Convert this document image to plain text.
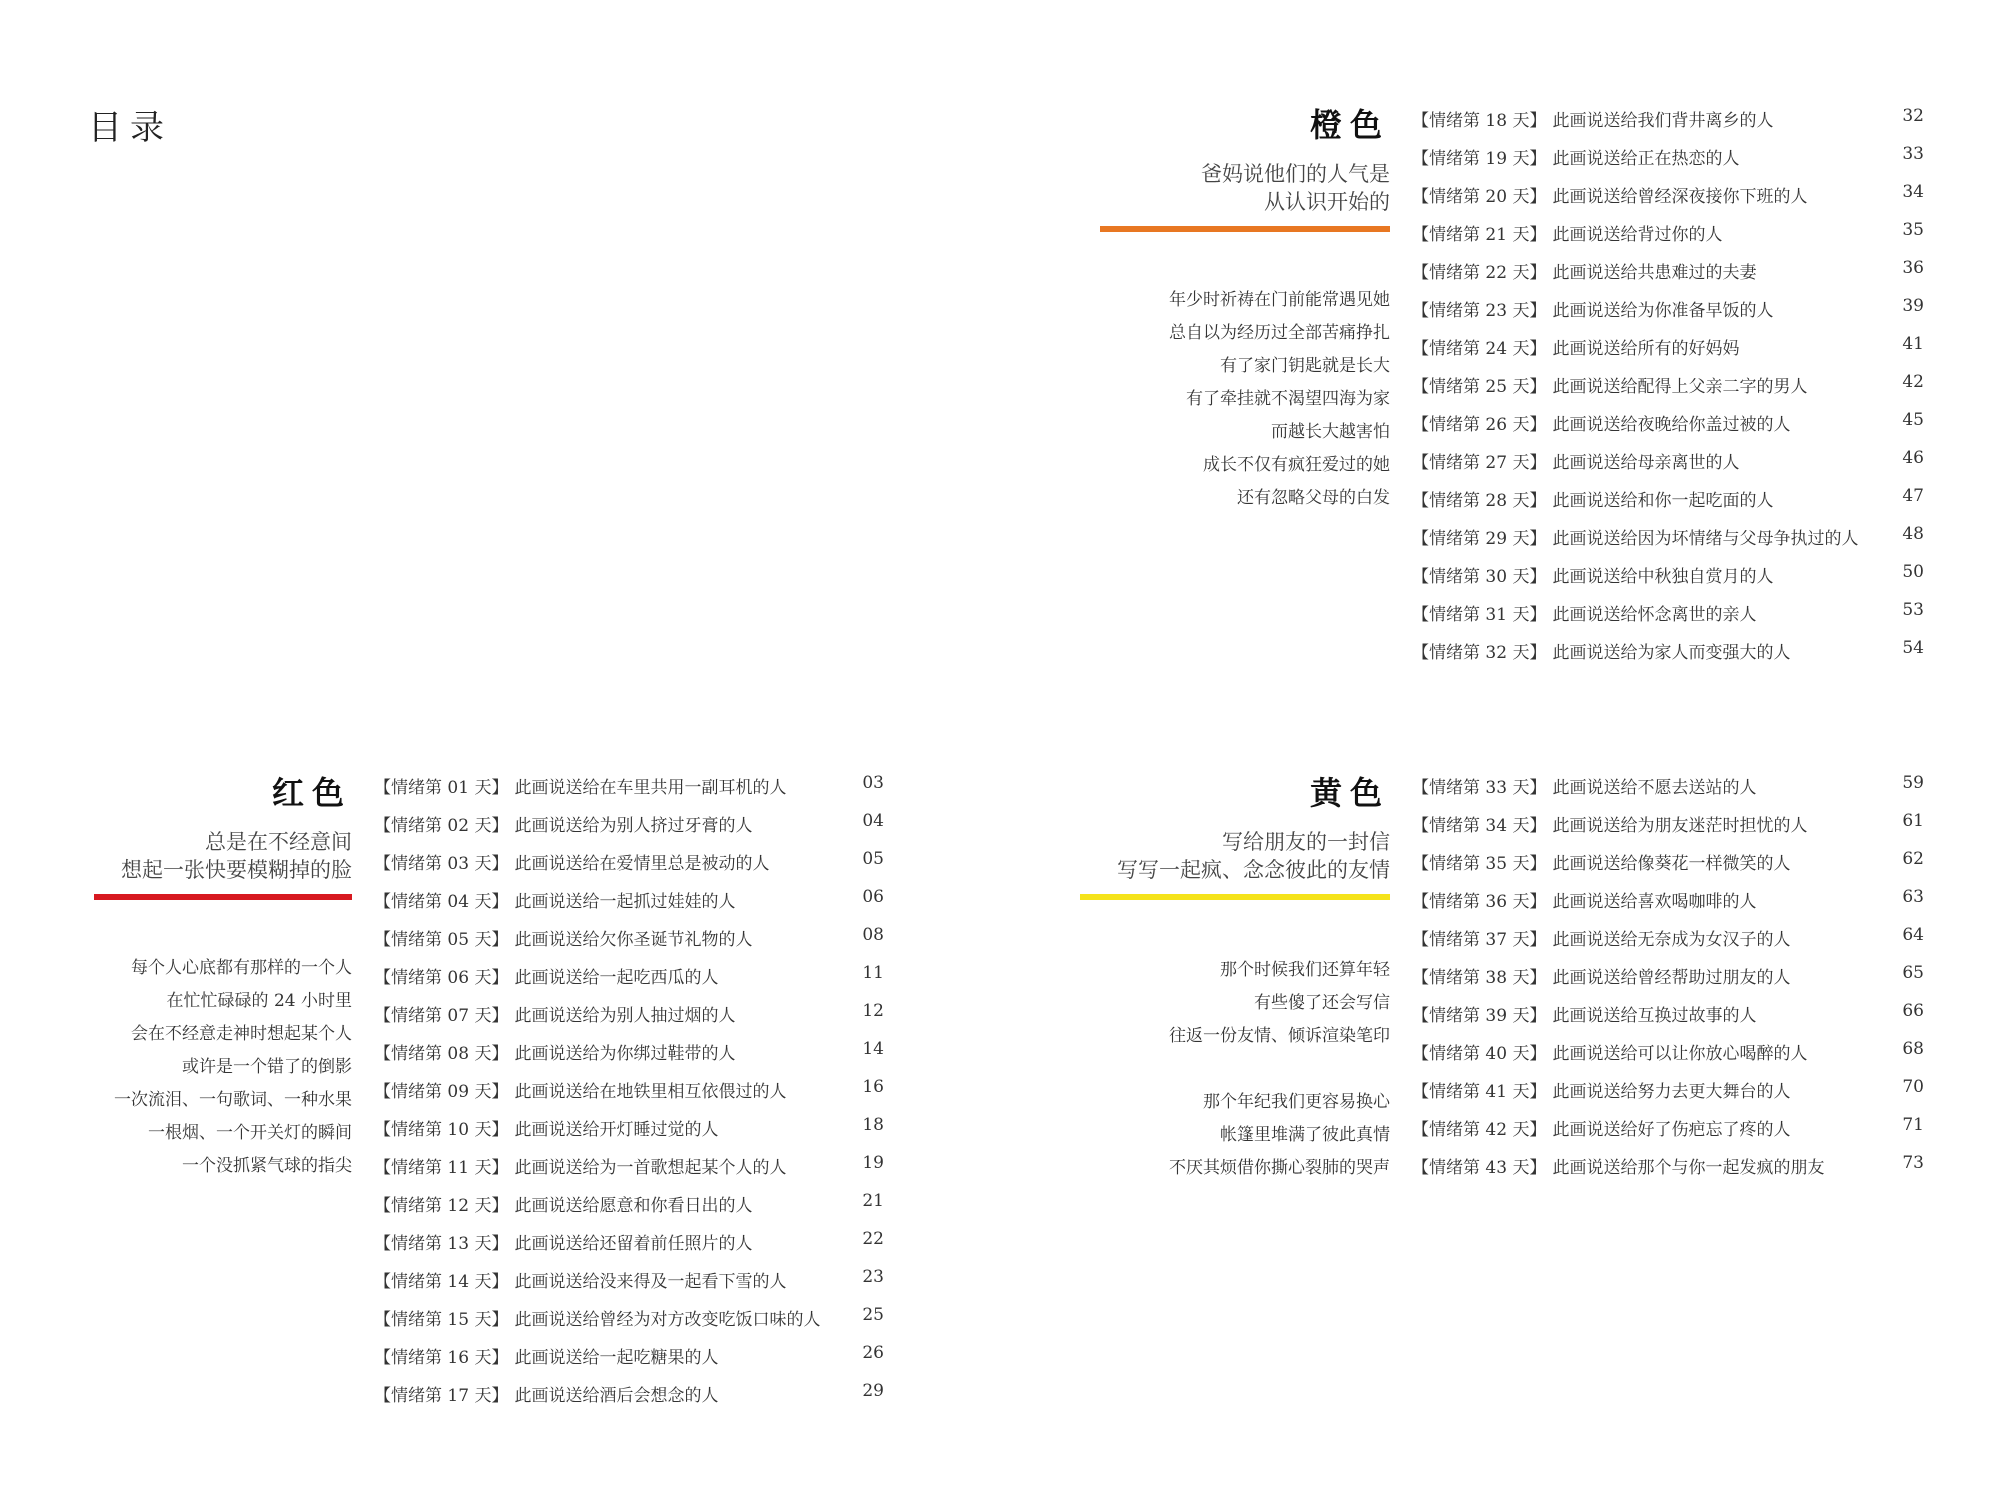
目录	橙色
爸妈说他们的人气是
从认识开始的
年少时祈祷在门前能常遇见她
总自以为经历过全部苦痛挣扎
有了家门钥匙就是长大
有了牵挂就不渴望四海为家
而越长大越害怕
成长不仅有疯狂爱过的她
还有忽略父母的白发
【情绪第 18 天】 此画说送给我们背井离乡的人	32
【情绪第 19 天】 此画说送给正在热恋的人	33
【情绪第 20 天】 此画说送给曾经深夜接你下班的人	34
【情绪第 21 天】 此画说送给背过你的人	35
【情绪第 22 天】 此画说送给共患难过的夫妻	36
【情绪第 23 天】 此画说送给为你准备早饭的人	39
【情绪第 24 天】 此画说送给所有的好妈妈	41
【情绪第 25 天】 此画说送给配得上父亲二字的男人	42
【情绪第 26 天】 此画说送给夜晚给你盖过被的人	45
【情绪第 27 天】 此画说送给母亲离世的人	46
【情绪第 28 天】 此画说送给和你一起吃面的人	47
【情绪第 29 天】 此画说送给因为坏情绪与父母争执过的人	48
【情绪第 30 天】 此画说送给中秋独自赏月的人	50
【情绪第 31 天】 此画说送给怀念离世的亲人	53
【情绪第 32 天】 此画说送给为家人而变强大的人	54
红色
总是在不经意间
想起一张快要模糊掉的脸
每个人心底都有那样的一个人
在忙忙碌碌的 24 小时里
会在不经意走神时想起某个人
或许是一个错了的倒影
一次流泪、一句歌词、一种水果
一根烟、一个开关灯的瞬间
一个没抓紧气球的指尖
【情绪第 01 天】 此画说送给在车里共用一副耳机的人	03
【情绪第 02 天】 此画说送给为别人挤过牙膏的人	04
【情绪第 03 天】 此画说送给在爱情里总是被动的人	05
【情绪第 04 天】 此画说送给一起抓过娃娃的人	06
【情绪第 05 天】 此画说送给欠你圣诞节礼物的人	08
【情绪第 06 天】 此画说送给一起吃西瓜的人	11
【情绪第 07 天】 此画说送给为别人抽过烟的人	12
【情绪第 08 天】 此画说送给为你绑过鞋带的人	14
【情绪第 09 天】 此画说送给在地铁里相互依偎过的人	16
【情绪第 10 天】 此画说送给开灯睡过觉的人	18
【情绪第 11 天】 此画说送给为一首歌想起某个人的人	19
【情绪第 12 天】 此画说送给愿意和你看日出的人	21
【情绪第 13 天】 此画说送给还留着前任照片的人	22
【情绪第 14 天】 此画说送给没来得及一起看下雪的人	23
【情绪第 15 天】 此画说送给曾经为对方改变吃饭口味的人 25
【情绪第 16 天】 此画说送给一起吃糖果的人	26
【情绪第 17 天】 此画说送给酒后会想念的人	29
黄色
写给朋友的一封信
写写一起疯、念念彼此的友情
那个时候我们还算年轻
有些傻了还会写信
往返一份友情、倾诉渲染笔印
那个年纪我们更容易换心
帐篷里堆满了彼此真情
不厌其烦借你撕心裂肺的哭声
【情绪第 33 天】 此画说送给不愿去送站的人	59
【情绪第 34 天】 此画说送给为朋友迷茫时担忧的人	61
【情绪第 35 天】 此画说送给像葵花一样微笑的人	62
【情绪第 36 天】 此画说送给喜欢喝咖啡的人	63
【情绪第 37 天】 此画说送给无奈成为女汉子的人	64
【情绪第 38 天】 此画说送给曾经帮助过朋友的人	65
【情绪第 39 天】 此画说送给互换过故事的人	66
【情绪第 40 天】 此画说送给可以让你放心喝醉的人	68
【情绪第 41 天】 此画说送给努力去更大舞台的人	70
【情绪第 42 天】 此画说送给好了伤疤忘了疼的人	71
【情绪第 43 天】 此画说送给那个与你一起发疯的朋友	73
